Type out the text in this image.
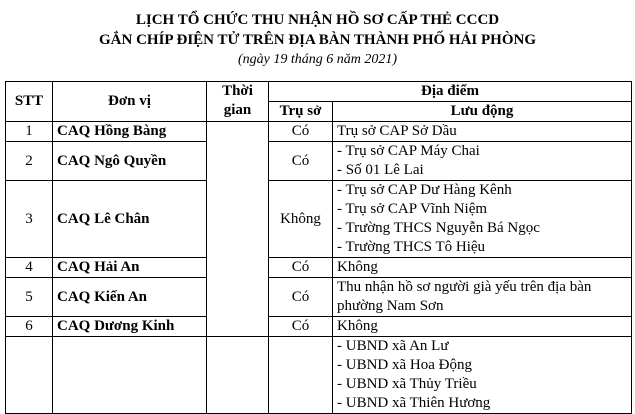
LỊCH TỔ CHỨC THU NHẬN HỒ SƠ CẤP THẺ CCCD
GẮN CHÍP ĐIỆN TỬ TRÊN ĐỊA BÀN THÀNH PHỐ HẢI PHÒNG
(ngày 19 tháng 6 năm 2021)
STT	Đơn vị	Thời gian	Địa điểm	
			Trụ sở	Lưu động
1	CAQ Hồng Bàng		Có	Trụ sở CAP Sở Dầu

2	CAQ Ngô Quyền		Có	- Trụ sở CAP Máy Chai
- Số 01 Lê Lai

3	CAQ Lê Chân		Không	- Trụ sở CAP Dư Hàng Kênh
- Trụ sở CAP Vĩnh Niệm
- Trường THCS Nguyễn Bá Ngọc
- Trường THCS Tô Hiệu

4	CAQ Hải An		Có	Không

5	CAQ Kiến An		Có	Thu nhận hồ sơ người già yếu trên địa bàn
phường Nam Sơn

6	CAQ Dương Kinh		Có	Không

				- UBND xã An Lư
- UBND xã Hoa Động
- UBND xã Thủy Triều
- UBND xã Thiên Hương
